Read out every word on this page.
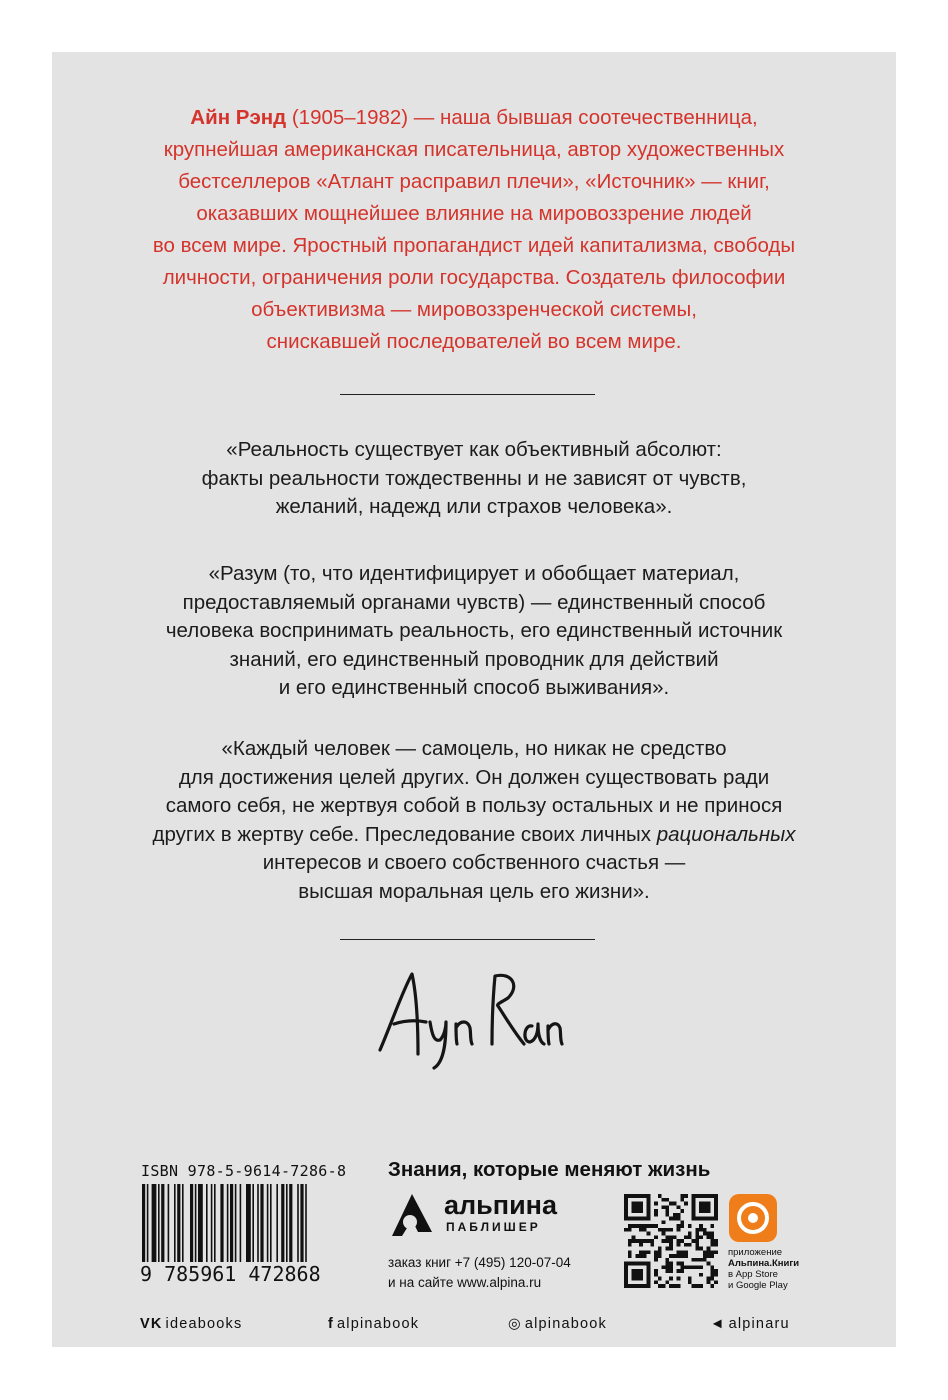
Айн Рэнд (1905–1982) — наша бывшая соотечественница,
крупнейшая американская писательница, автор художественных
бестселлеров «Атлант расправил плечи», «Источник» — книг,
оказавших мощнейшее влияние на мировоззрение людей
во всем мире. Яростный пропагандист идей капитализма, свободы
личности, ограничения роли государства. Создатель философии
объективизма — мировоззренческой системы,
снискавшей последователей во всем мире.
«Реальность существует как объективный абсолют:
факты реальности тождественны и не зависят от чувств,
желаний, надежд или страхов человека».
«Разум (то, что идентифицирует и обобщает материал,
предоставляемый органами чувств) — единственный способ
человека воспринимать реальность, его единственный источник
знаний, его единственный проводник для действий
и его единственный способ выживания».
«Каждый человек — самоцель, но никак не средство
для достижения целей других. Он должен существовать ради
самого себя, не жертвуя собой в пользу остальных и не принося
других в жертву себе. Преследование своих личных рациональных
интересов и своего собственного счастья —
высшая моральная цель его жизни».
ISBN 978-5-9614-7286-8
9 785961 472868
Знания, которые меняют жизнь
альпина
ПАБЛИШЕР
заказ книг +7 (495) 120-07-04
и на сайте www.alpina.ru
приложение
Альпина.Книги
в App Store
и Google Play
VK ideabooks	f alpinabook	◎ alpinabook	◄ alpinaru
